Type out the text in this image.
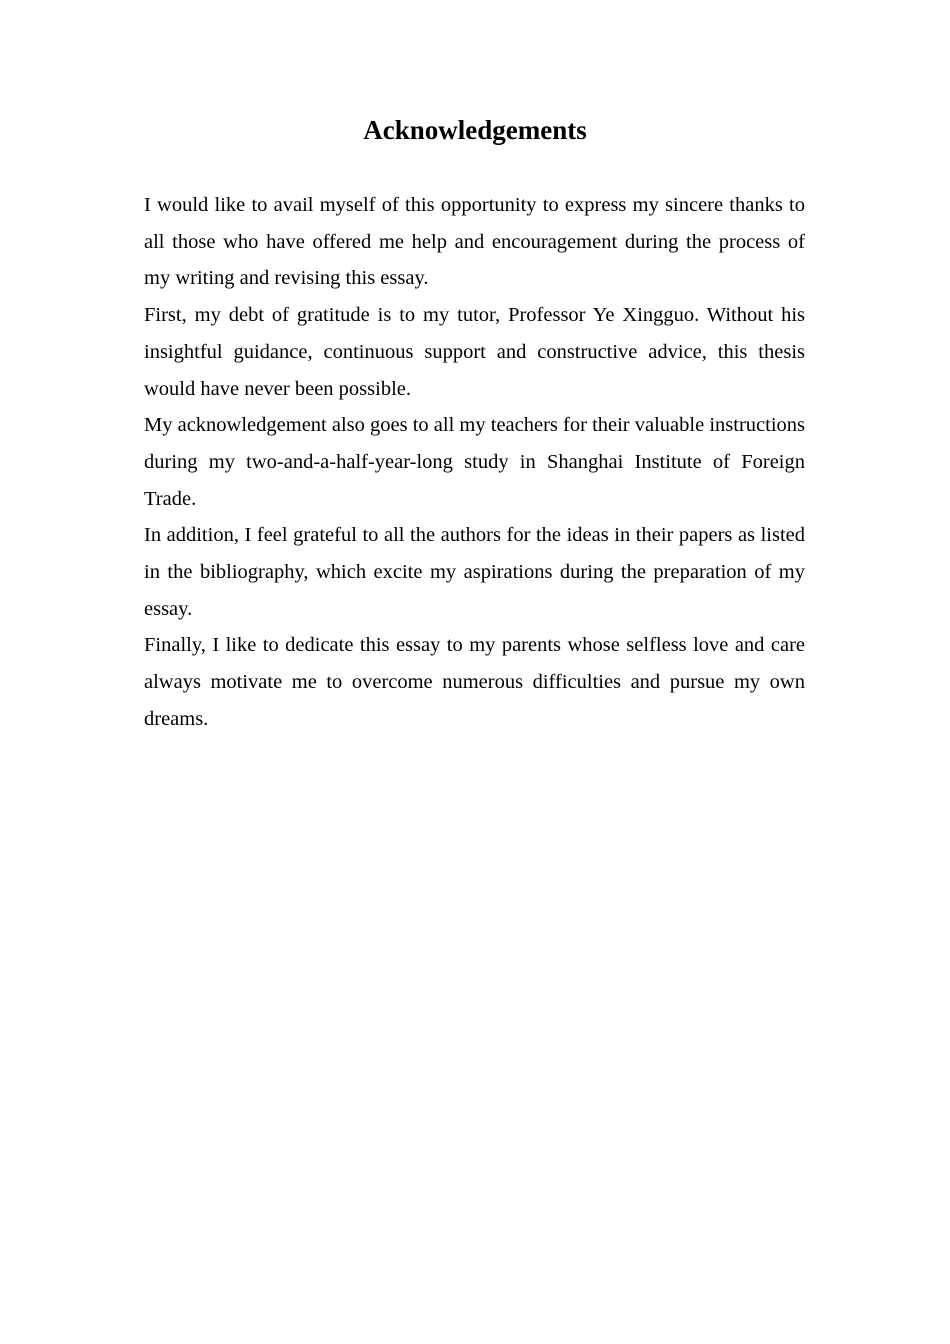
Acknowledgements

I would like to avail myself of this opportunity to express my sincere thanks to all those who have offered me help and encouragement during the process of my writing and revising this essay.

First, my debt of gratitude is to my tutor, Professor Ye Xingguo. Without his insightful guidance, continuous support and constructive advice, this thesis would have never been possible.

My acknowledgement also goes to all my teachers for their valuable instructions during my two-and-a-half-year-long study in Shanghai Institute of Foreign Trade.

In addition, I feel grateful to all the authors for the ideas in their papers as listed in the bibliography, which excite my aspirations during the preparation of my essay.

Finally, I like to dedicate this essay to my parents whose selfless love and care always motivate me to overcome numerous difficulties and pursue my own dreams.
